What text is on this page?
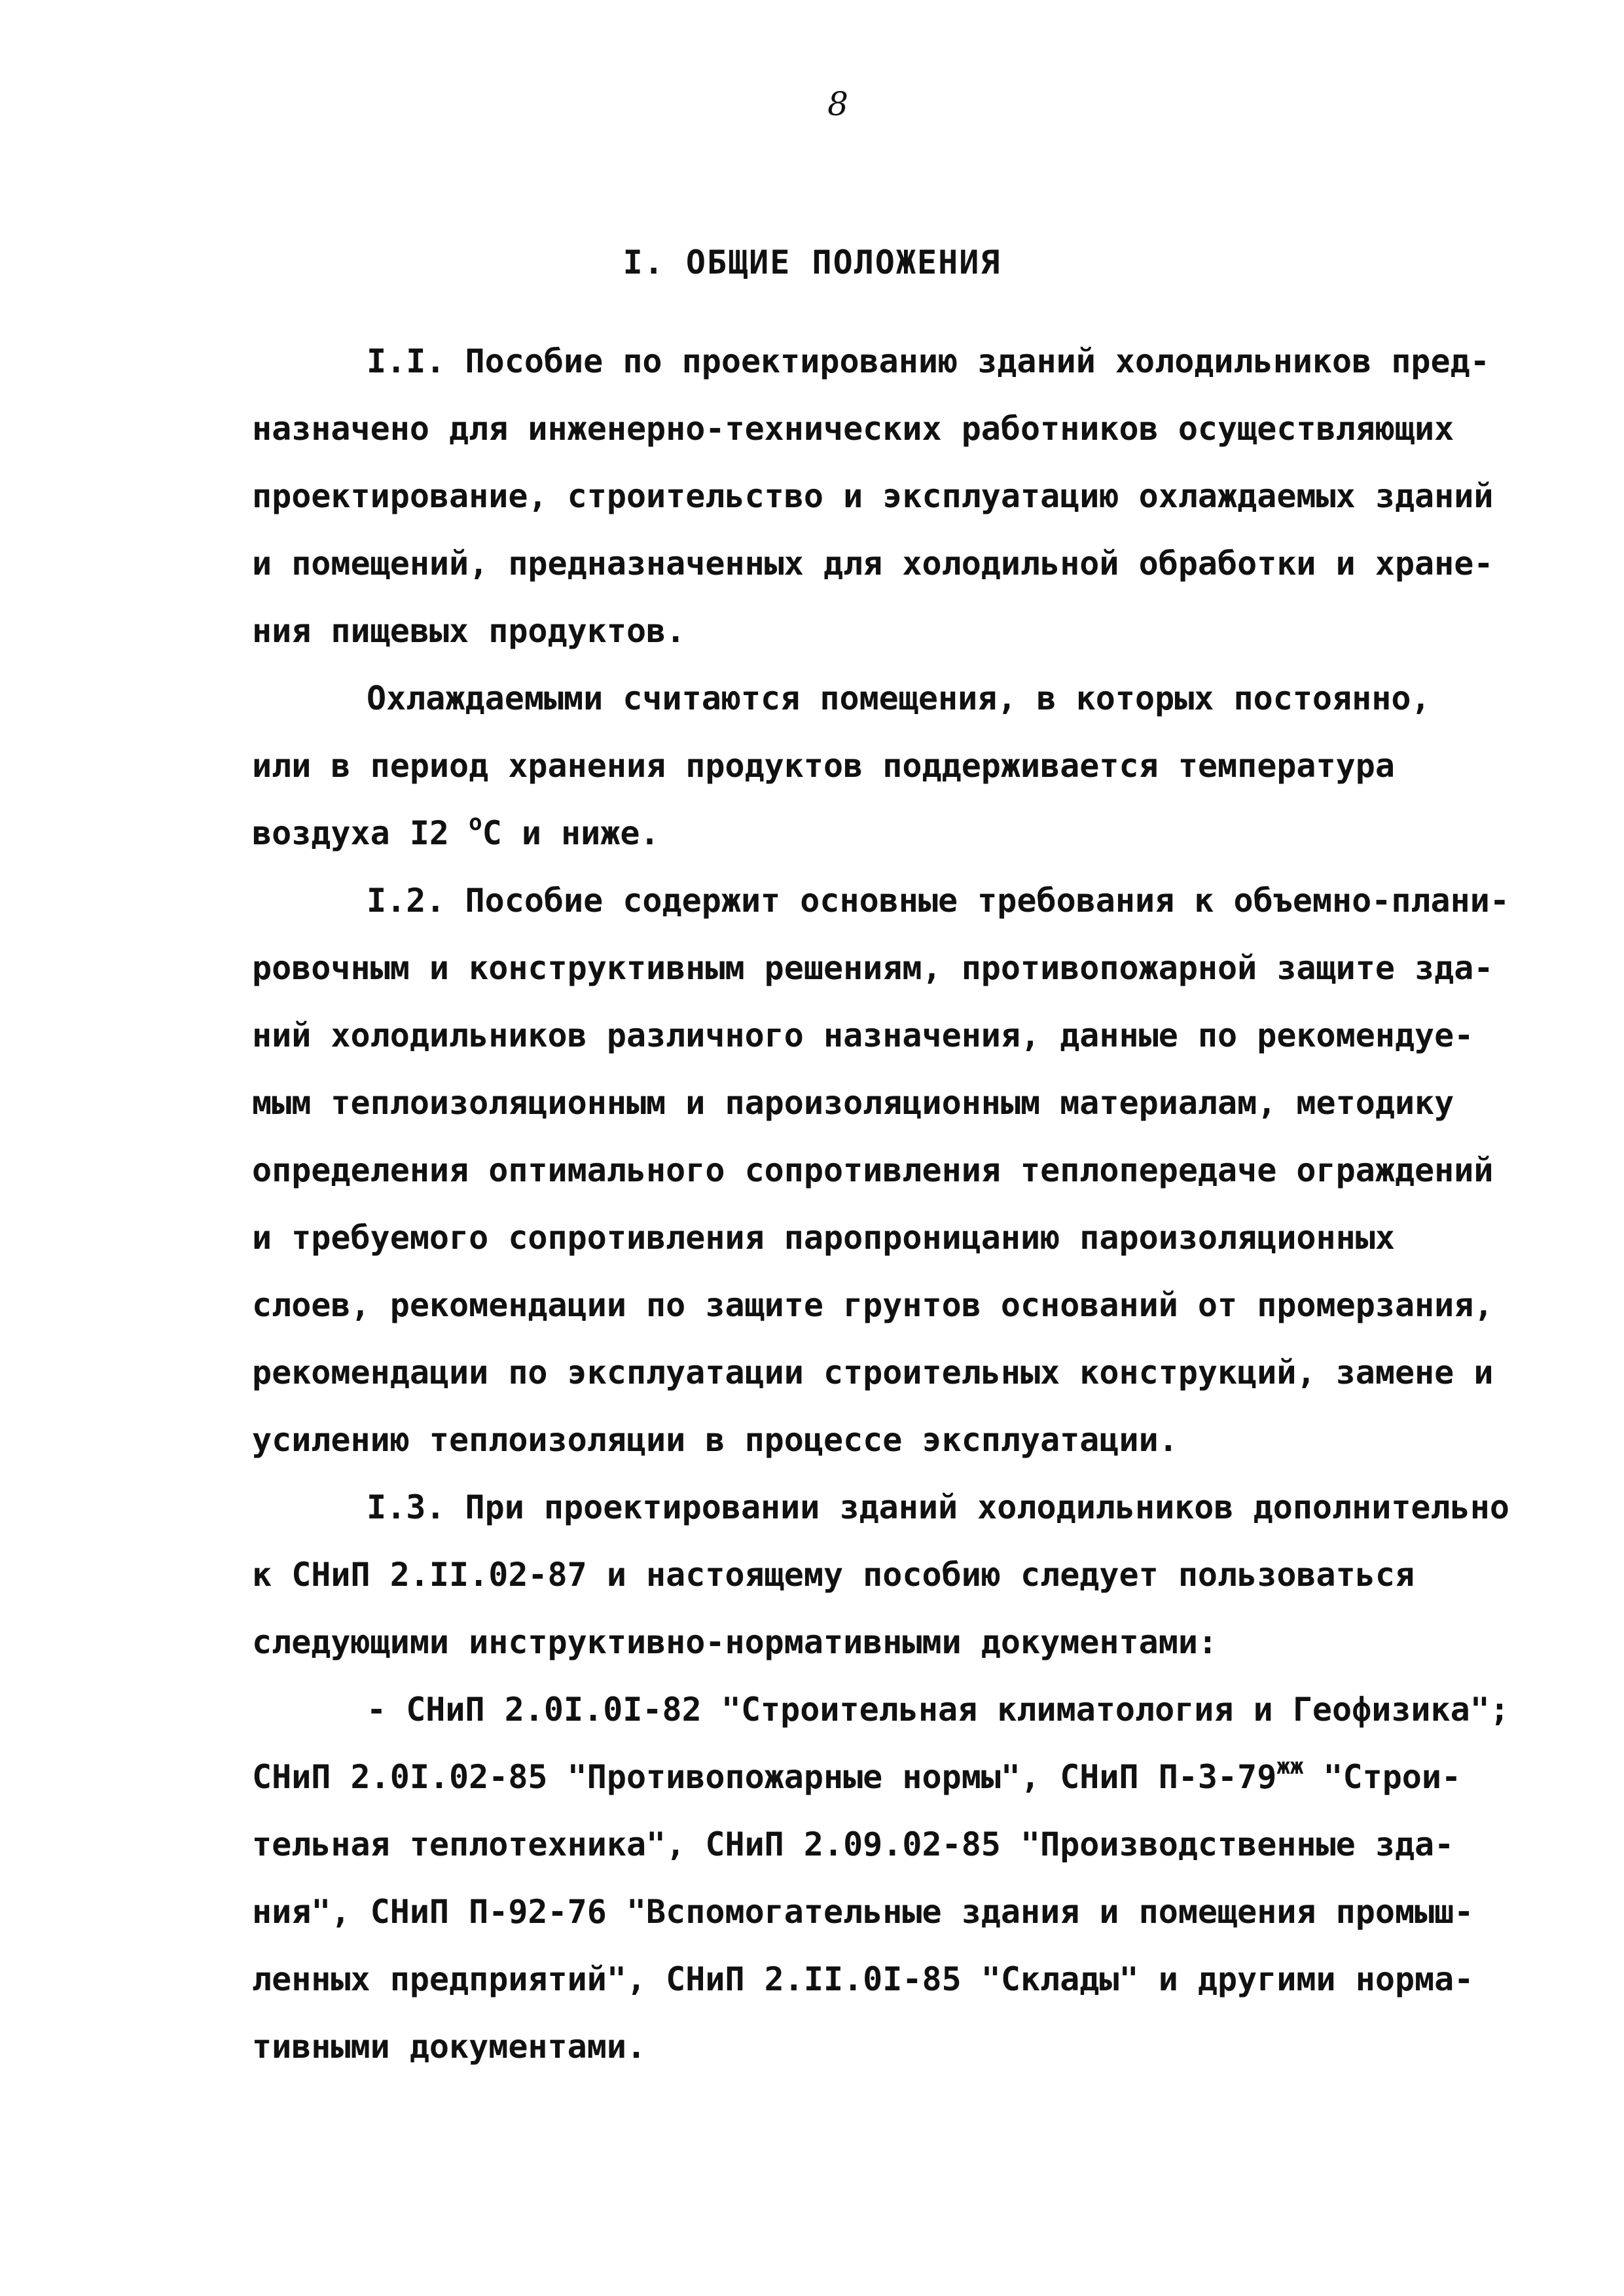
8
I. ОБЩИЕ ПОЛОЖЕНИЯ
I.I. Пособие по проектированию зданий холодильников пред-
назначено для инженерно-технических работников осуществляющих
проектирование, строительство и эксплуатацию охлаждаемых зданий
и помещений, предназначенных для холодильной обработки и хране-
ния пищевых продуктов.
Охлаждаемыми считаются помещения, в которых постоянно,
или в период хранения продуктов поддерживается температура
воздуха I2 $^о$С и ниже.
I.2. Пособие содержит основные требования к объемно-плани-
ровочным и конструктивным решениям, противопожарной защите зда-
ний холодильников различного назначения, данные по рекомендуе-
мым теплоизоляционным и пароизоляционным материалам, методику
определения оптимального сопротивления теплопередаче ограждений
и требуемого сопротивления паропроницанию пароизоляционных
слоев, рекомендации по защите грунтов оснований от промерзания,
рекомендации по эксплуатации строительных конструкций, замене и
усилению теплоизоляции в процессе эксплуатации.
I.3. При проектировании зданий холодильников дополнительно
к СНиП 2.II.02-87 и настоящему пособию следует пользоваться
следующими инструктивно-нормативными документами:
- СНиП 2.0I.0I-82 "Строительная климатология и Геофизика";
СНиП 2.0I.02-85 "Противопожарные нормы", СНиП $П-3-79^{жж}$ "Строи-
тельная теплотехника", СНиП 2.09.02-85 "Производственные зда-
ния", СНиП П-92-76 "Вспомогательные здания и помещения промыш-
ленных предприятий", СНиП 2.II.0I-85 "Склады" и другими норма-
тивными документами.
